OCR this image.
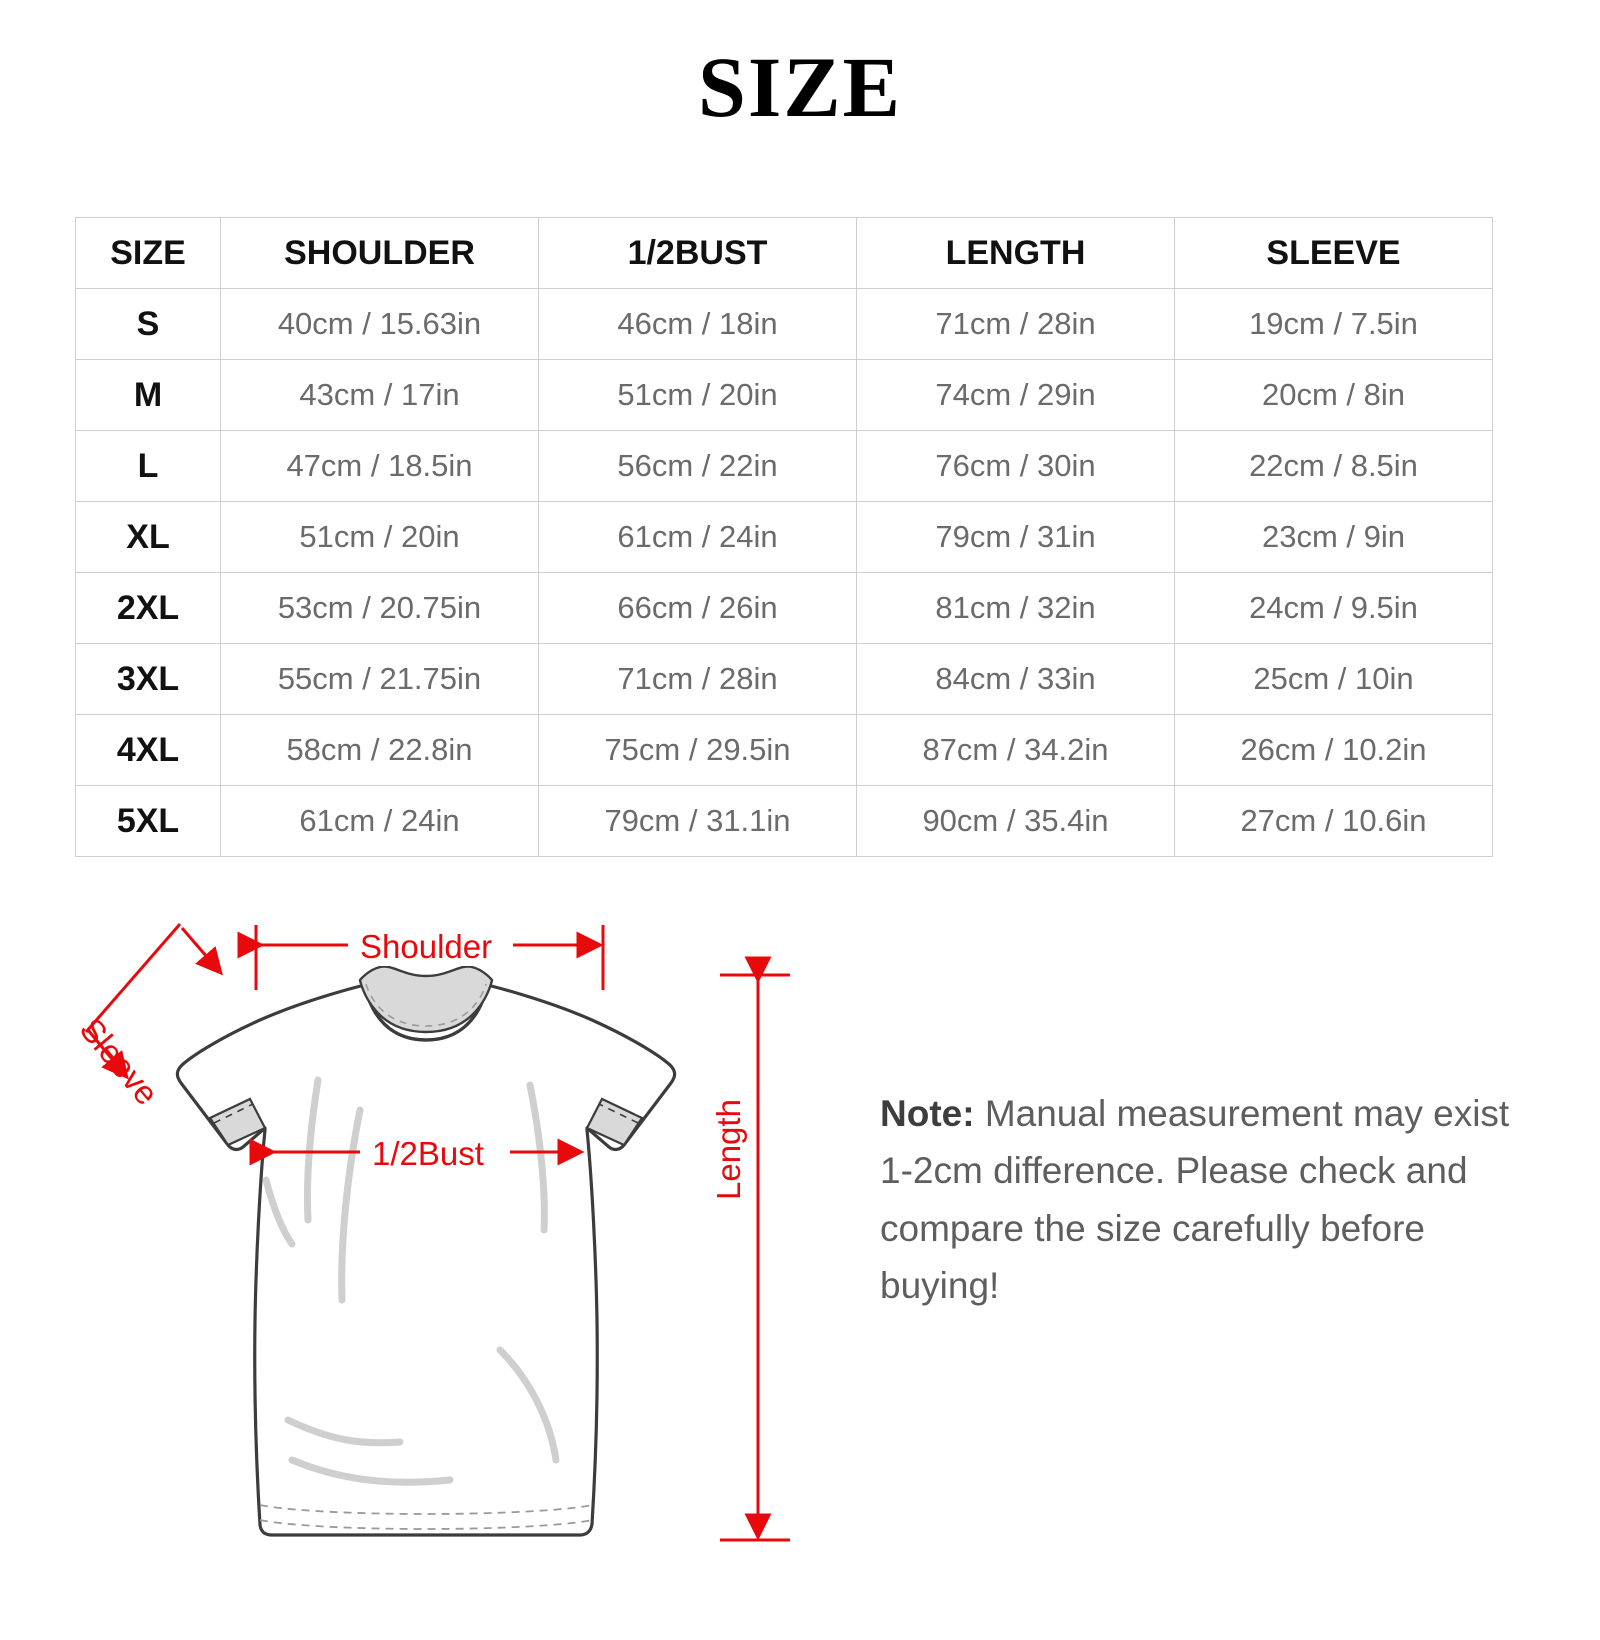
SIZE
SIZE	SHOULDER	1/2BUST	LENGTH	SLEEVE
S	40cm / 15.63in	46cm / 18in	71cm / 28in	19cm / 7.5in
M	43cm / 17in	51cm / 20in	74cm / 29in	20cm / 8in
L	47cm / 18.5in	56cm / 22in	76cm / 30in	22cm / 8.5in
XL	51cm / 20in	61cm / 24in	79cm / 31in	23cm / 9in
2XL	53cm / 20.75in	66cm / 26in	81cm / 32in	24cm / 9.5in
3XL	55cm / 21.75in	71cm / 28in	84cm / 33in	25cm / 10in
4XL	58cm / 22.8in	75cm / 29.5in	87cm / 34.2in	26cm / 10.2in
5XL	61cm / 24in	79cm / 31.1in	90cm / 35.4in	27cm / 10.6in
Shoulder
Sleeve
1/2Bust	Length	Note: Manual measurement may exist 1-2cm difference. Please check and compare the size carefully before buying!
